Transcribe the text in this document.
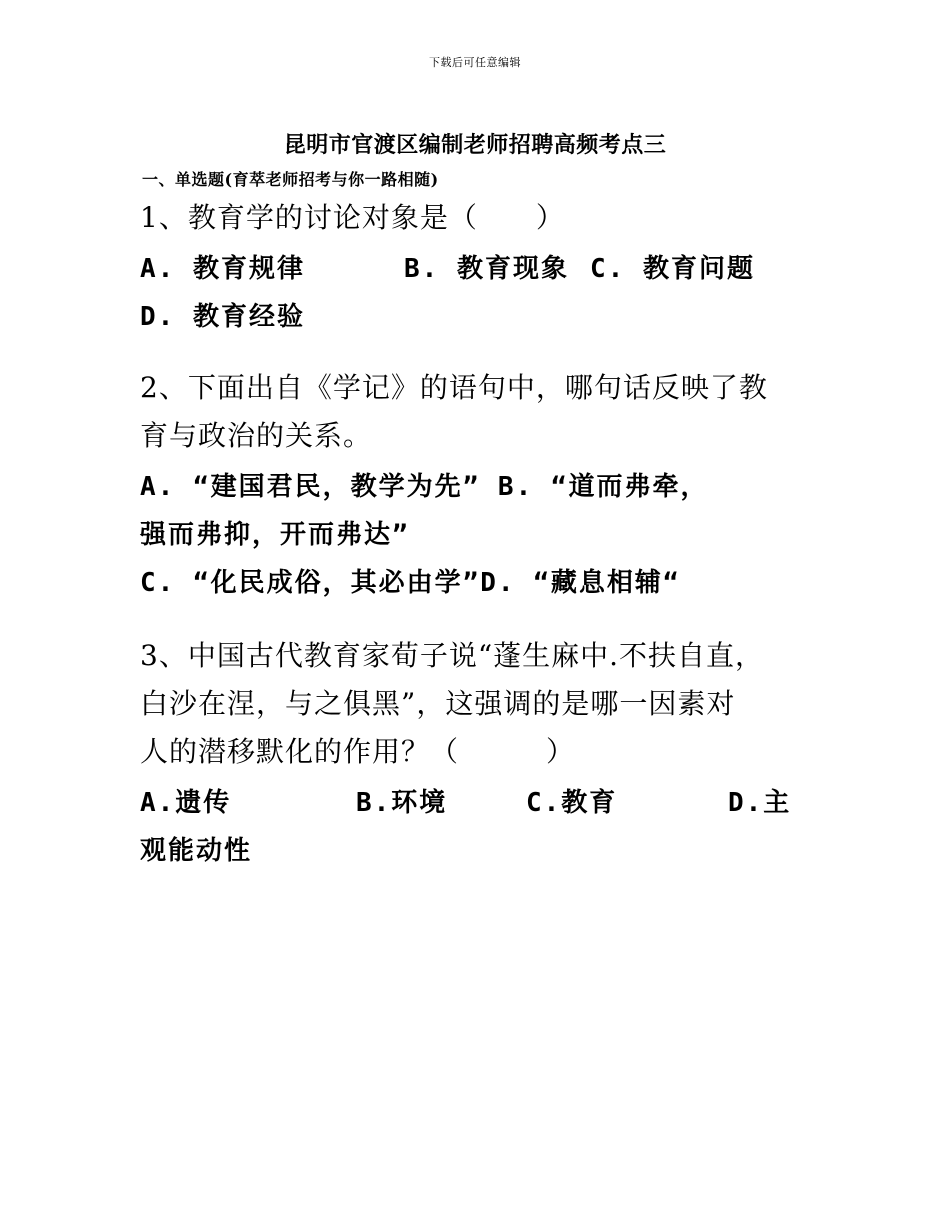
下载后可任意编辑
昆明市官渡区编制老师招聘高频考点三
一、单选题(育萃老师招考与你一路相随)
1、教育学的讨论对象是（　　）
A. 教育规律	B. 教育现象 C. 教育问题
D. 教育经验
2、下面出自《学记》的语句中，哪句话反映了教
育与政治的关系。
A. “建国君民，教学为先” B. “道而弗牵，
强而弗抑，开而弗达”
C. “化民成俗，其必由学”D. “藏息相辅“
3、中国古代教育家荀子说“蓬生麻中.不扶自直，
白沙在涅，与之俱黑”，这强调的是哪一因素对
人的潜移默化的作用？（　　　）
A.遗传	B.环境	C.教育	D.主
观能动性
